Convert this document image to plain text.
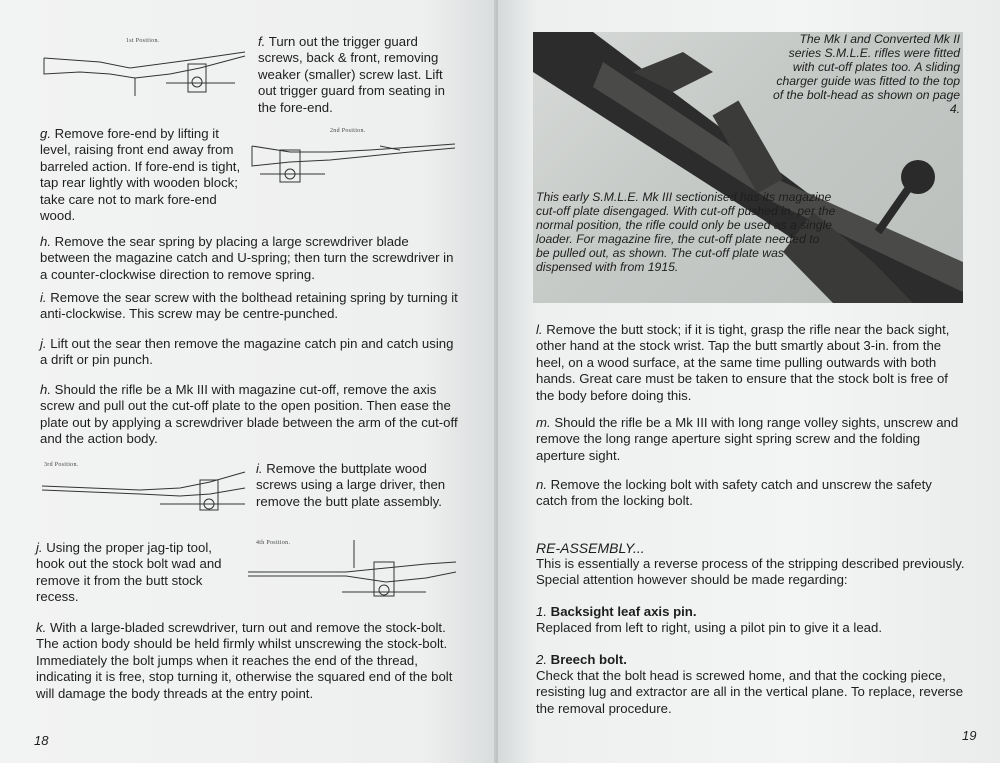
1st Position.	f. Turn out the trigger guard screws, back & front, removing weaker (smaller) screw last. Lift out trigger guard from seating in the fore-end.

g. Remove fore-end by lifting it level, raising front end away from barreled action. If fore-end is tight, tap rear lightly with wooden block; take care not to mark fore-end wood.

2nd Position.

h. Remove the sear spring by placing a large screwdriver blade between the magazine catch and U-spring; then turn the screwdriver in a counter-clockwise direction to remove spring.

i. Remove the sear screw with the bolthead retaining spring by turning it anti-clockwise. This screw may be centre-punched.

j. Lift out the sear then remove the magazine catch pin and catch using a drift or pin punch.

h. Should the rifle be a Mk III with magazine cut-off, remove the axis screw and pull out the cut-off plate to the open position. Then ease the plate out by applying a screwdriver blade between the arm of the cut-off and the action body.

3rd Position.	i. Remove the buttplate wood screws using a large driver, then remove the butt plate assembly.

j. Using the proper jag-tip tool, hook out the stock bolt wad and remove it from the butt stock recess.

4th Position.

k. With a large-bladed screwdriver, turn out and remove the stock-bolt. The action body should be held firmly whilst unscrewing the stock-bolt. Immediately the bolt jumps when it reaches the end of the thread, indicating it is free, stop turning it, otherwise the squared end of the bolt will damage the body threads at the entry point.

18

The Mk I and Converted Mk II series S.M.L.E. rifles were fitted with cut-off plates too. A sliding charger guide was fitted to the top of the bolt-head as shown on page 4.

This early S.M.L.E. Mk III sectionised has its magazine cut-off plate disengaged. With cut-off pushed in, per the normal position, the rifle could only be used as a single loader. For magazine fire, the cut-off plate needed to be pulled out, as shown. The cut-off plate was dispensed with from 1915.

l. Remove the butt stock; if it is tight, grasp the rifle near the back sight, other hand at the stock wrist. Tap the butt smartly about 3-in. from the heel, on a wood surface, at the same time pulling outwards with both hands. Great care must be taken to ensure that the stock bolt is free of the body before doing this.

m. Should the rifle be a Mk III with long range volley sights, unscrew and remove the long range aperture sight spring screw and the folding aperture sight.

n. Remove the locking bolt with safety catch and unscrew the safety catch from the locking bolt.

RE-ASSEMBLY...

This is essentially a reverse process of the stripping described previously. Special attention however should be made regarding:

1. Backsight leaf axis pin.

Replaced from left to right, using a pilot pin to give it a lead.

2. Breech bolt.

Check that the bolt head is screwed home, and that the cocking piece, resisting lug and extractor are all in the vertical plane. To replace, reverse the removal procedure.

19
